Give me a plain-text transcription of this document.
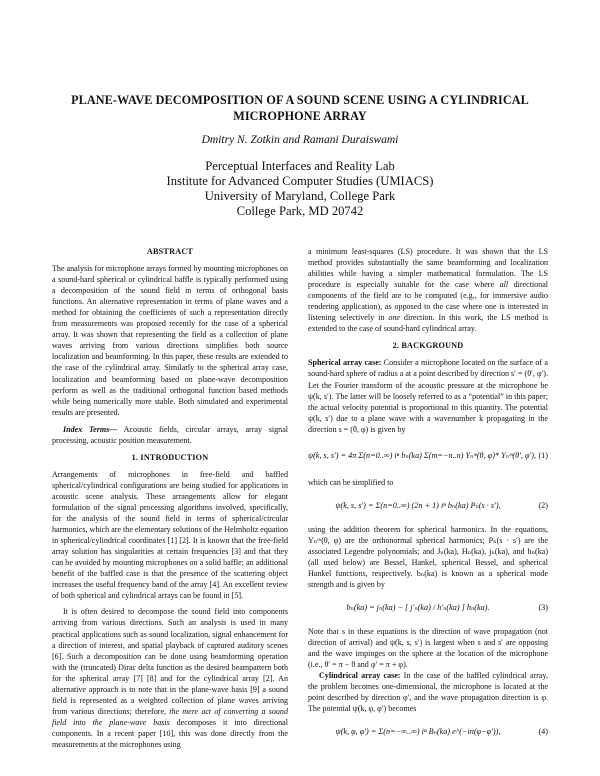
PLANE-WAVE DECOMPOSITION OF A SOUND SCENE USING A CYLINDRICAL MICROPHONE ARRAY
Dmitry N. Zotkin and Ramani Duraiswami
Perceptual Interfaces and Reality Lab
Institute for Advanced Computer Studies (UMIACS)
University of Maryland, College Park
College Park, MD 20742
ABSTRACT

The analysis for microphone arrays formed by mounting microphones on a sound-hard spherical or cylindrical baffle is typically performed using a decomposition of the sound field in terms of orthogonal basis functions. An alternative representation in terms of plane waves and a method for obtaining the coefficients of such a representation directly from measurements was proposed recently for the case of a spherical array. It was shown that representing the field as a collection of plane waves arriving from various directions simplifies both source localization and beamforming. In this paper, these results are extended to the case of the cylindrical array. Similarly to the spherical array case, localization and beamforming based on plane-wave decomposition perform as well as the traditional orthogonal function based methods while being numerically more stable. Both simulated and experimental results are presented.

Index Terms— Acoustic fields, circular arrays, array signal processing, acoustic position measurement.

1. INTRODUCTION

Arrangements of microphones in free-field and baffled spherical/cylindrical configurations are being studied for applications in acoustic scene analysis. These arrangements allow for elegant formulation of the signal processing algorithms involved, specifically, for the analysis of the sound field in terms of spherical/circular harmonics, which are the elementary solutions of the Helmholtz equation in spherical/cylindrical coordinates [1] [2]. It is known that the free-field array solution has singularities at certain frequencies [3] and that they can be avoided by mounting microphones on a solid baffle; an additional benefit of the baffled case is that the presence of the scattering object increases the useful frequency band of the array [4]. An excellent review of both spherical and cylindrical arrays can be found in [5].

It is often desired to decompose the sound field into components arriving from various directions. Such an analysis is used in many practical applications such as sound localization, signal enhancement for a direction of interest, and spatial playback of captured auditory scenes [6]. Such a decomposition can be done using beamforming operation with the (truncated) Dirac delta function as the desired beampattern both for the spherical array [7] [8] and for the cylindrical array [2]. An alternative approach is to note that in the plane-wave basis [9] a sound field is represented as a weighted collection of plane waves arriving from various directions; therefore, the mere act of converting a sound field into the plane-wave basis decomposes it into directional components. In a recent paper [10], this was done directly from the measurements at the microphones using

a minimum least-squares (LS) procedure. It was shown that the LS method provides substantially the same beamforming and localization abilities while having a simpler mathematical formulation. The LS procedure is especially suitable for the case where all directional components of the field are to be computed (e.g., for immersive audio rendering application), as opposed to the case where one is interested in listening selectively in one direction. In this work, the LS method is extended to the case of sound-hard cylindrical array.

2. BACKGROUND

Spherical array case: Consider a microphone located on the surface of a sound-hard sphere of radius a at a point described by direction s′ = (θ′, φ′). Let the Fourier transform of the acoustic pressure at the microphone be ψ(k, s′). The latter will be loosely referred to as a “potential” in this paper; the actual velocity potential is proportional to this quantity. The potential ψ(k, s′) due to a plane wave with a wavenumber k propagating in the direction s = (θ, φ) is given by

ψ(k, s, s′) = 4π Σ(n=0..∞) iⁿ bₙ(ka) Σ(m=−n..n) Yₙᵐ(θ, φ)* Yₙᵐ(θ′, φ′), (1)

which can be simplified to

ψ(k, s, s′) = Σ(n=0..∞) (2n + 1) iⁿ bₙ(ka) Pₙ(s · s′),	(2)

using the addition theorem for spherical harmonics. In the equations, Yₙᵐ(θ, φ) are the orthonormal spherical harmonics; Pₙ(s · s′) are the associated Legendre polynomials; and Jₙ(ka), Hₙ(ka), jₙ(ka), and hₙ(ka) (all used below) are Bessel, Hankel, spherical Bessel, and spherical Hankel functions, respectively. bₙ(ka) is known as a spherical mode strength and is given by

bₙ(ka) = jₙ(ka) − [ j′ₙ(ka) / h′ₙ(ka) ] hₙ(ka).	(3)

Note that s in these equations is the direction of wave propagation (not direction of arrival) and ψ(k, s, s′) is largest when s and s′ are opposing and the wave impinges on the sphere at the location of the microphone (i.e., θ′ = π − θ and φ′ = π + φ).

Cylindrical array case: In the case of the baffled cylindrical array, the problem becomes one-dimensional, the microphone is located at the point described by direction φ′, and the wave propagation direction is φ. The potential ψ(k, φ, φ′) becomes

ψ(k, φ, φ′) = Σ(n=−∞..∞) iⁿ Bₙ(ka) e^(−in(φ−φ′)),	(4)
